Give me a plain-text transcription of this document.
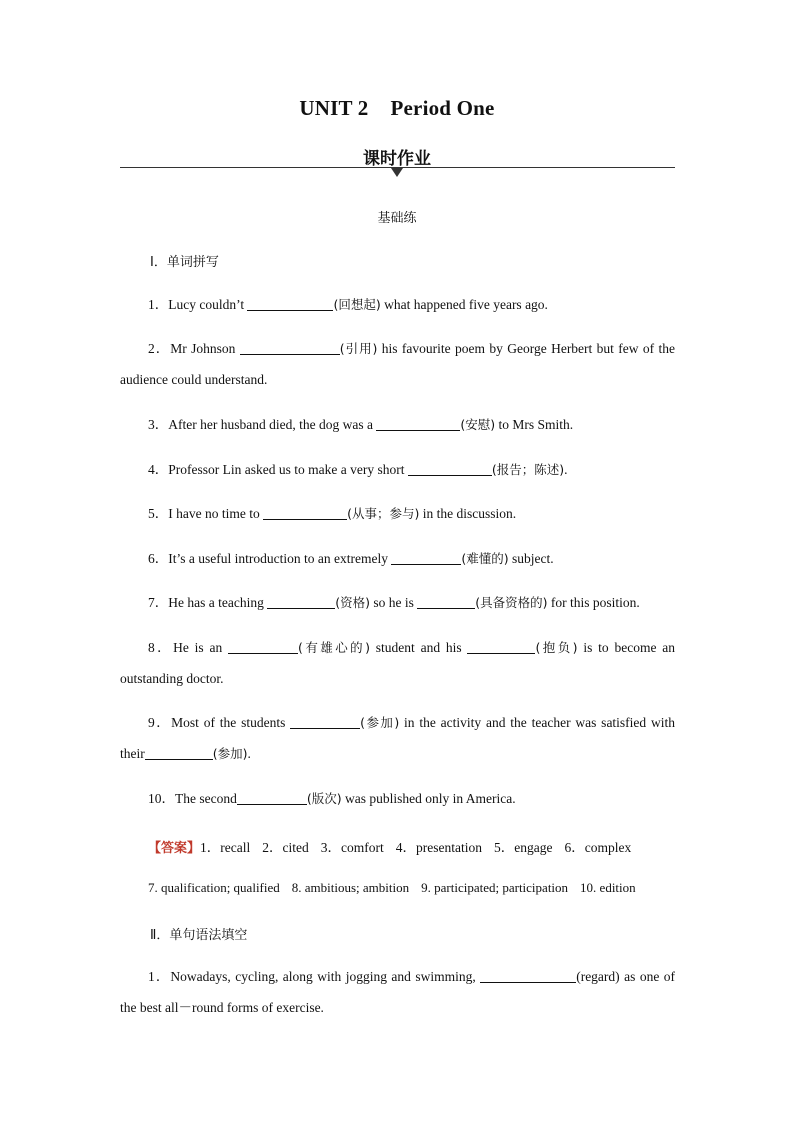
UNIT 2 Period One
课时作业
基础练
Ⅰ．单词拼写
1．Lucy couldn’t	(回想起) what happened five years ago.
2．Mr Johnson	(引用) his favourite poem by George Herbert but few of the
audience could understand.
3．After her husband died, the dog was a	(安慰) to Mrs Smith.
4．Professor Lin asked us to make a very short	(报告；陈述).
5．I have no time to	(从事；参与) in the discussion.
6．It’s a useful introduction to an extremely	(难懂的) subject.
7．He has a teaching	(资格) so he is	(具备资格的) for this position.
8．He is an	(有雄心的) student and his	(抱负) is to become an
outstanding doctor.
9．Most of the students	(参加) in the activity and the teacher was satisfied with
their	(参加).
10．The second	(版次) was published only in America.
【答案】1．recall 2．cited 3．comfort 4．presentation 5．engage 6．complex
7. qualification; qualified 8. ambitious; ambition 9. participated; participation 10. edition
Ⅱ．单句语法填空
1．Nowadays, cycling, along with jogging and swimming,	(regard) as one of
the best all－round forms of exercise.
